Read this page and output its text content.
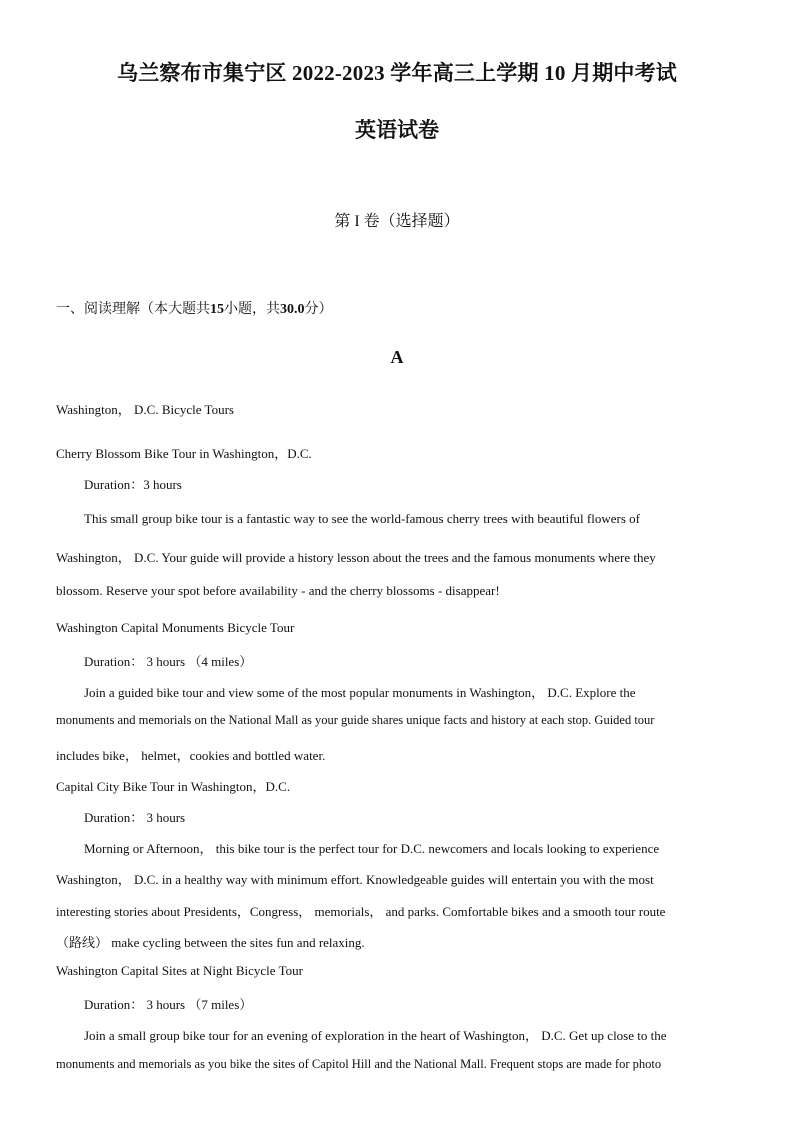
乌兰察布市集宁区 2022-2023 学年高三上学期 10 月期中考试
英语试卷
第 I 卷（选择题）
一、阅读理解（本大题共15小题，共30.0分）
A
Washington， D.C. Bicycle Tours
Cherry Blossom Bike Tour in Washington，D.C.
Duration：3 hours
This small group bike tour is a fantastic way to see the world-famous cherry trees with beautiful flowers of
Washington， D.C. Your guide will provide a history lesson about the trees and the famous monuments where they
blossom. Reserve your spot before availability - and the cherry blossoms - disappear!
Washington Capital Monuments Bicycle Tour
Duration： 3 hours （4 miles）
Join a guided bike tour and view some of the most popular monuments in Washington， D.C. Explore the
monuments and memorials on the National Mall as your guide shares unique facts and history at each stop. Guided tour
includes bike， helmet，cookies and bottled water.
Capital City Bike Tour in Washington，D.C.
Duration： 3 hours
Morning or Afternoon， this bike tour is the perfect tour for D.C. newcomers and locals looking to experience
Washington， D.C. in a healthy way with minimum effort. Knowledgeable guides will entertain you with the most
interesting stories about Presidents，Congress， memorials， and parks. Comfortable bikes and a smooth tour route
（路线） make cycling between the sites fun and relaxing.
Washington Capital Sites at Night Bicycle Tour
Duration： 3 hours （7 miles）
Join a small group bike tour for an evening of exploration in the heart of Washington， D.C. Get up close to the
monuments and memorials as you bike the sites of Capitol Hill and the National Mall. Frequent stops are made for photo
